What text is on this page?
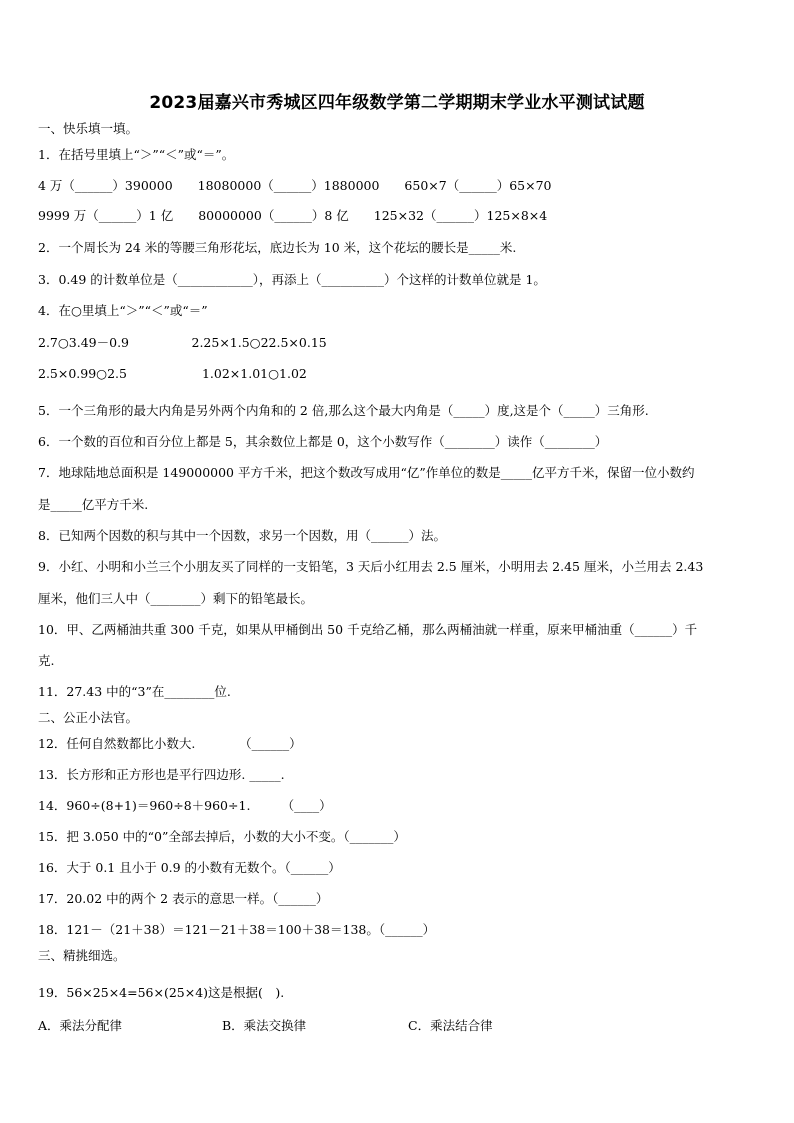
2023届嘉兴市秀城区四年级数学第二学期期末学业水平测试试题
一、快乐填一填。
1．在括号里填上“＞”“＜”或“＝”。
4 万（______）390000　　18080000（______）1880000　　650×7（______）65×70
9999 万（______）1 亿　　80000000（______）8 亿　　125×32（______）125×8×4
2．一个周长为 24 米的等腰三角形花坛，底边长为 10 米，这个花坛的腰长是_____米.
3．0.49 的计数单位是（____________），再添上（__________）个这样的计数单位就是 1。
4．在○里填上“＞”“＜”或“＝”
2.7○3.49－0.9　　　　　2.25×1.5○22.5×0.15
2.5×0.99○2.5　　　　　　1.02×1.01○1.02
5．一个三角形的最大内角是另外两个内角和的 2 倍,那么这个最大内角是（_____）度,这是个（_____）三角形.
6．一个数的百位和百分位上都是 5，其余数位上都是 0，这个小数写作（________）读作（________）
7．地球陆地总面积是 149000000 平方千米，把这个数改写成用“亿”作单位的数是_____亿平方千米，保留一位小数约
是_____亿平方千米.
8．已知两个因数的积与其中一个因数，求另一个因数，用（______）法。
9．小红、小明和小兰三个小朋友买了同样的一支铅笔，3 天后小红用去 2.5 厘米，小明用去 2.45 厘米，小兰用去 2.43
厘米，他们三人中（________）剩下的铅笔最长。
10．甲、乙两桶油共重 300 千克，如果从甲桶倒出 50 千克给乙桶，那么两桶油就一样重，原来甲桶油重（______）千
克.
11．27.43 中的“3”在________位.
二、公正小法官。
12．任何自然数都比小数大.　　　　（______）
13．长方形和正方形也是平行四边形. _____.
14．960÷(8+1)＝960÷8＋960÷1.　　　（____）
15．把 3.050 中的“0”全部去掉后，小数的大小不变。（_______）
16．大于 0.1 且小于 0.9 的小数有无数个。（______）
17．20.02 中的两个 2 表示的意思一样。（______）
18．121－（21＋38）＝121－21＋38＝100＋38＝138。（______）
三、精挑细选。
19．56×25×4=56×(25×4)这是根据(　).
A．乘法分配律	B．乘法交换律	C．乘法结合律
